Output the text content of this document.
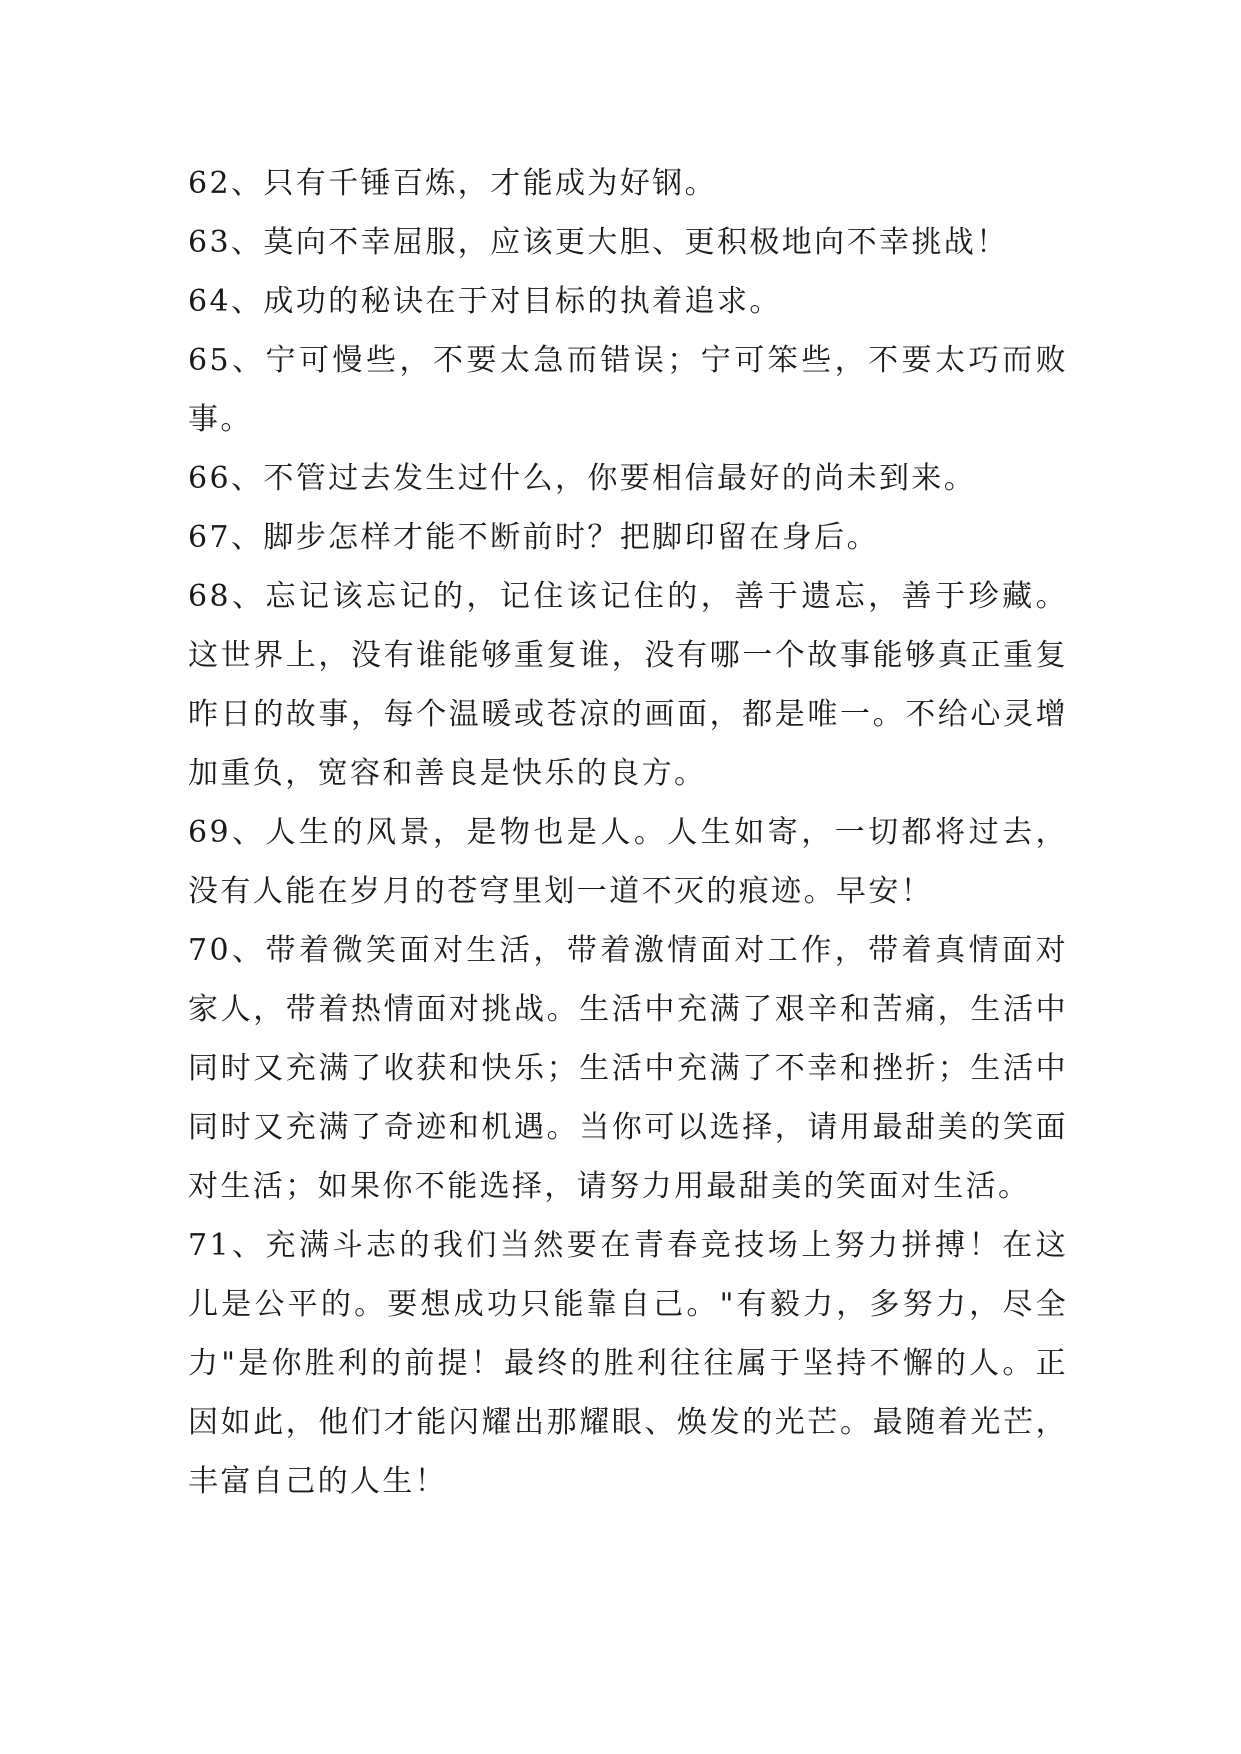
62、只有千锤百炼，才能成为好钢。

63、莫向不幸屈服，应该更大胆、更积极地向不幸挑战！

64、成功的秘诀在于对目标的执着追求。

65、宁可慢些，不要太急而错误；宁可笨些，不要太巧而败事。

66、不管过去发生过什么，你要相信最好的尚未到来。

67、脚步怎样才能不断前时？把脚印留在身后。

68、忘记该忘记的，记住该记住的，善于遗忘，善于珍藏。这世界上，没有谁能够重复谁，没有哪一个故事能够真正重复昨日的故事，每个温暖或苍凉的画面，都是唯一。不给心灵增加重负，宽容和善良是快乐的良方。

69、人生的风景，是物也是人。人生如寄，一切都将过去，没有人能在岁月的苍穹里划一道不灭的痕迹。早安！

70、带着微笑面对生活，带着激情面对工作，带着真情面对家人，带着热情面对挑战。生活中充满了艰辛和苦痛，生活中同时又充满了收获和快乐；生活中充满了不幸和挫折；生活中同时又充满了奇迹和机遇。当你可以选择，请用最甜美的笑面对生活；如果你不能选择，请努力用最甜美的笑面对生活。

71、充满斗志的我们当然要在青春竞技场上努力拼搏！在这儿是公平的。要想成功只能靠自己。"有毅力，多努力，尽全力"是你胜利的前提！最终的胜利往往属于坚持不懈的人。正因如此，他们才能闪耀出那耀眼、焕发的光芒。最随着光芒，丰富自己的人生！
